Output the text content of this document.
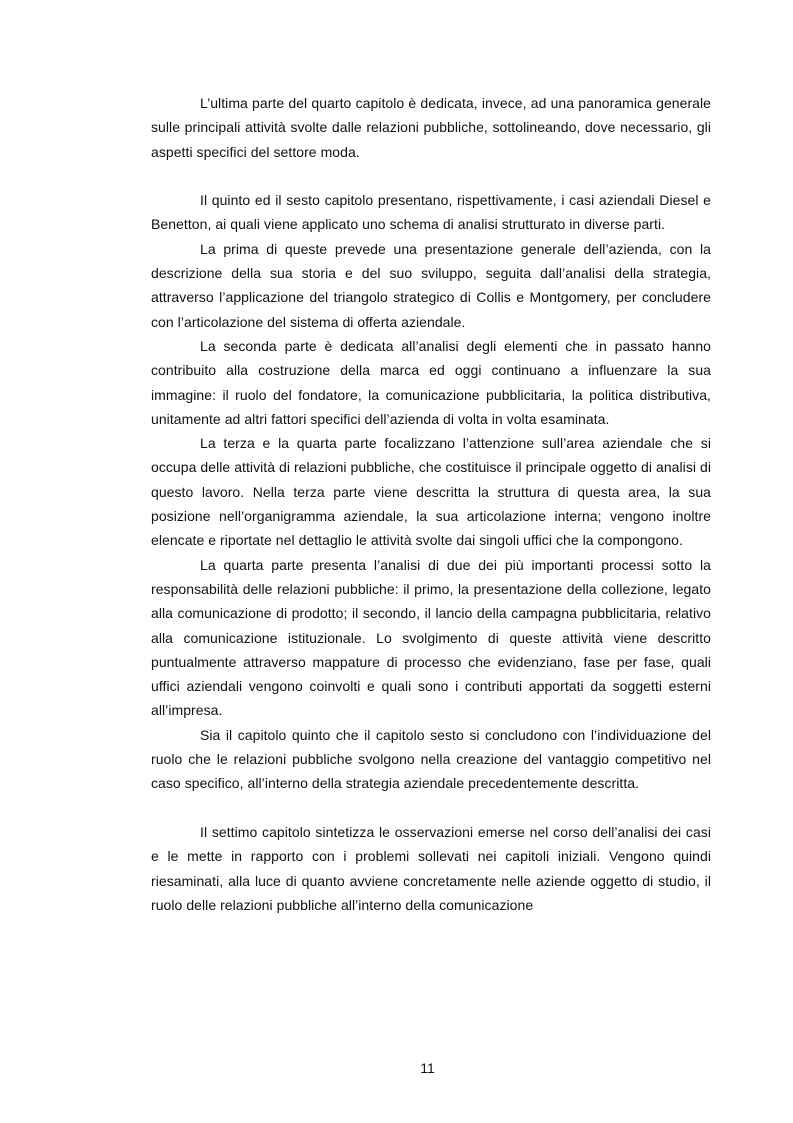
L’ultima parte del quarto capitolo è dedicata, invece, ad una panoramica generale sulle principali attività svolte dalle relazioni pubbliche, sottolineando, dove necessario, gli aspetti specifici del settore moda.

Il quinto ed il sesto capitolo presentano, rispettivamente, i casi aziendali Diesel e Benetton, ai quali viene applicato uno schema di analisi strutturato in diverse parti.

La prima di queste prevede una presentazione generale dell’azienda, con la descrizione della sua storia e del suo sviluppo, seguita dall’analisi della strategia, attraverso l’applicazione del triangolo strategico di Collis e Montgomery, per concludere con l’articolazione del sistema di offerta aziendale.

La seconda parte è dedicata all’analisi degli elementi che in passato hanno contribuito alla costruzione della marca ed oggi continuano a influenzare la sua immagine: il ruolo del fondatore, la comunicazione pubblicitaria, la politica distributiva, unitamente ad altri fattori specifici dell’azienda di volta in volta esaminata.

La terza e la quarta parte focalizzano l’attenzione sull’area aziendale che si occupa delle attività di relazioni pubbliche, che costituisce il principale oggetto di analisi di questo lavoro. Nella terza parte viene descritta la struttura di questa area, la sua posizione nell’organigramma aziendale, la sua articolazione interna; vengono inoltre elencate e riportate nel dettaglio le attività svolte dai singoli uffici che la compongono.

La quarta parte presenta l’analisi di due dei più importanti processi sotto la responsabilità delle relazioni pubbliche: il primo, la presentazione della collezione, legato alla comunicazione di prodotto; il secondo, il lancio della campagna pubblicitaria, relativo alla comunicazione istituzionale. Lo svolgimento di queste attività viene descritto puntualmente attraverso mappature di processo che evidenziano, fase per fase, quali uffici aziendali vengono coinvolti e quali sono i contributi apportati da soggetti esterni all’impresa.

Sia il capitolo quinto che il capitolo sesto si concludono con l’individuazione del ruolo che le relazioni pubbliche svolgono nella creazione del vantaggio competitivo nel caso specifico, all’interno della strategia aziendale precedentemente descritta.

Il settimo capitolo sintetizza le osservazioni emerse nel corso dell’analisi dei casi e le mette in rapporto con i problemi sollevati nei capitoli iniziali. Vengono quindi riesaminati, alla luce di quanto avviene concretamente nelle aziende oggetto di studio, il ruolo delle relazioni pubbliche all’interno della comunicazione

11
